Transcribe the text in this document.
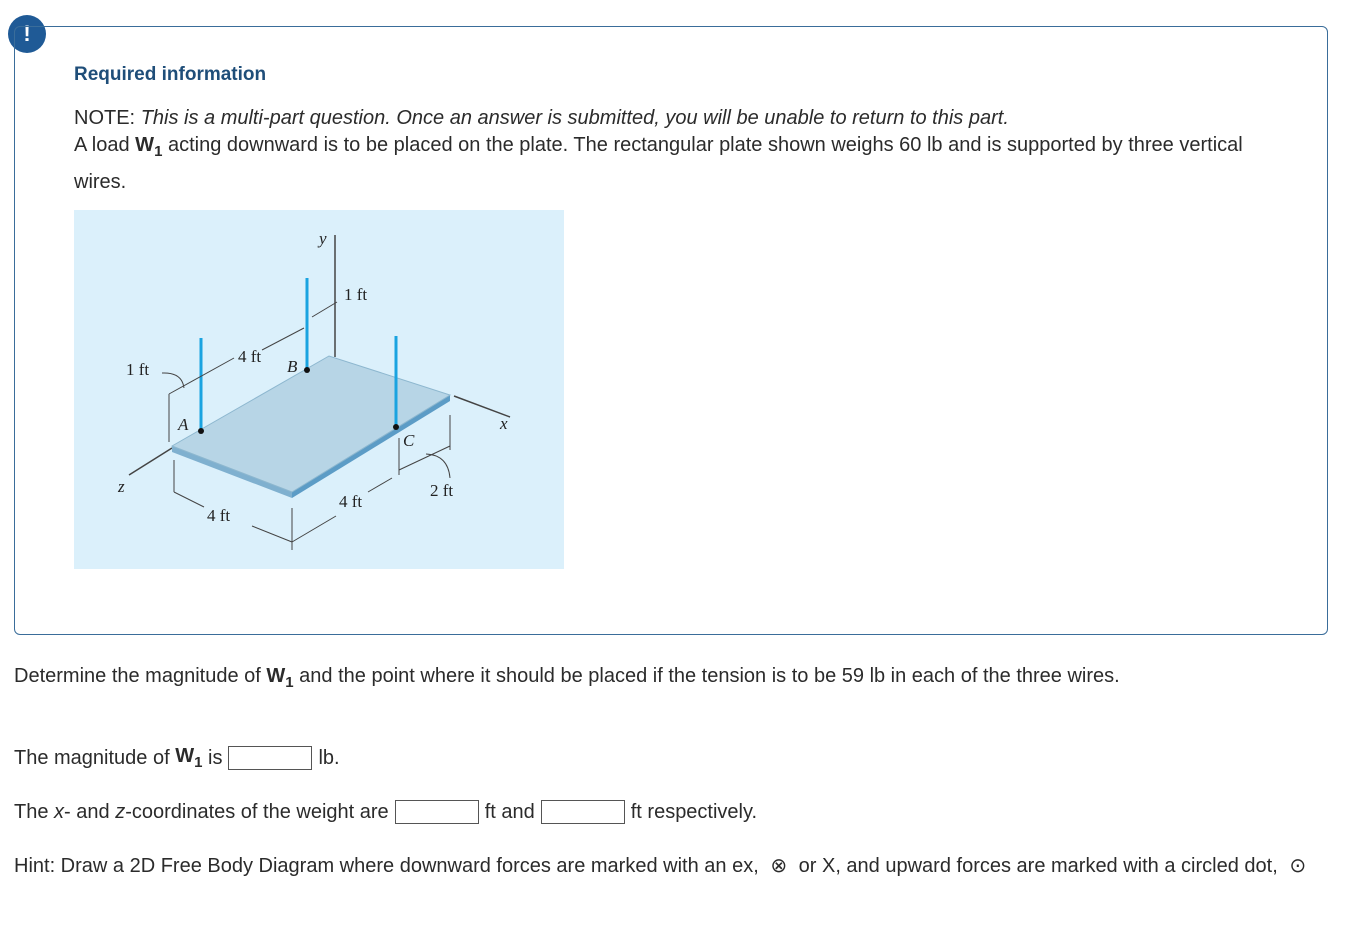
!
Required information
NOTE: This is a multi-part question. Once an answer is submitted, you will be unable to return to this part.
A load $W_1$ acting downward is to be placed on the plate. The rectangular plate shown weighs 60 lb and is supported by three vertical wires.
y
x
z
A
B
C
1 ft
1 ft
4 ft
4 ft
4 ft
2 ft
Determine the magnitude of $W_1$ and the point where it should be placed if the tension is to be 59 lb in each of the three wires.
The magnitude of
$W_1$
is	lb.
The
x - and
z -coordinates of the weight are	ft and	ft respectively.
Hint: Draw a 2D Free Body Diagram where downward forces are marked with an ex, ⊗ or X, and upward forces are marked with a circled dot, ⊙
